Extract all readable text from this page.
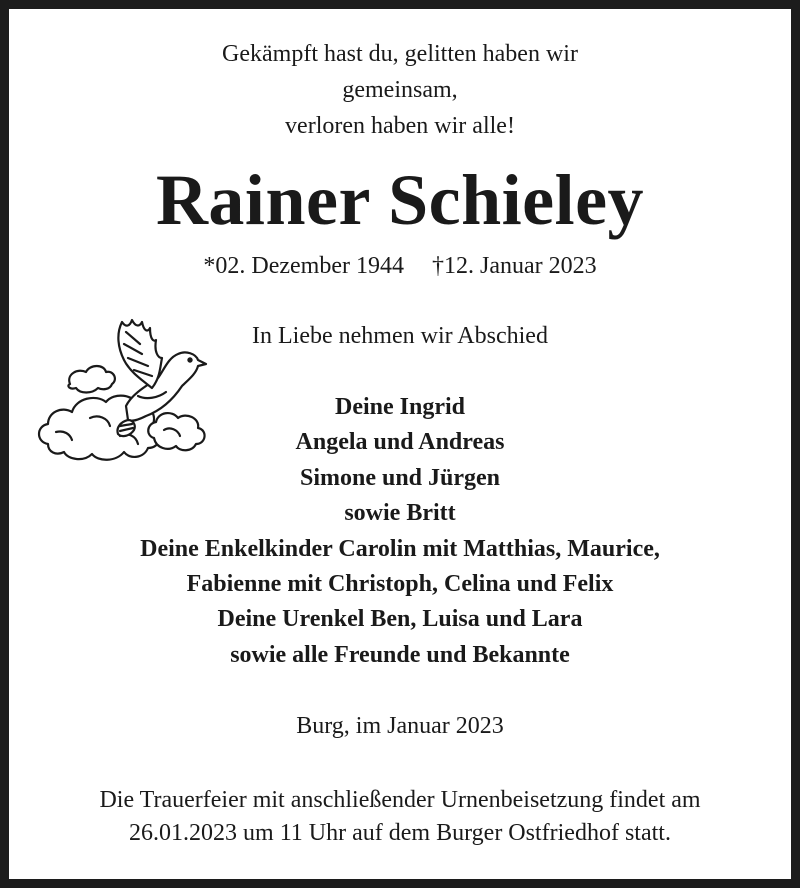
Gekämpft hast du, gelitten haben wir
gemeinsam,
verloren haben wir alle!
Rainer Schieley
*02. Dezember 1944 †12. Januar 2023
In Liebe nehmen wir Abschied
Deine Ingrid
Angela und Andreas
Simone und Jürgen
sowie Britt
Deine Enkelkinder Carolin mit Matthias, Maurice,
Fabienne mit Christoph, Celina und Felix
Deine Urenkel Ben, Luisa und Lara
sowie alle Freunde und Bekannte
Burg, im Januar 2023
Die Trauerfeier mit anschließender Urnenbeisetzung findet am
26.01.2023 um 11 Uhr auf dem Burger Ostfriedhof statt.
